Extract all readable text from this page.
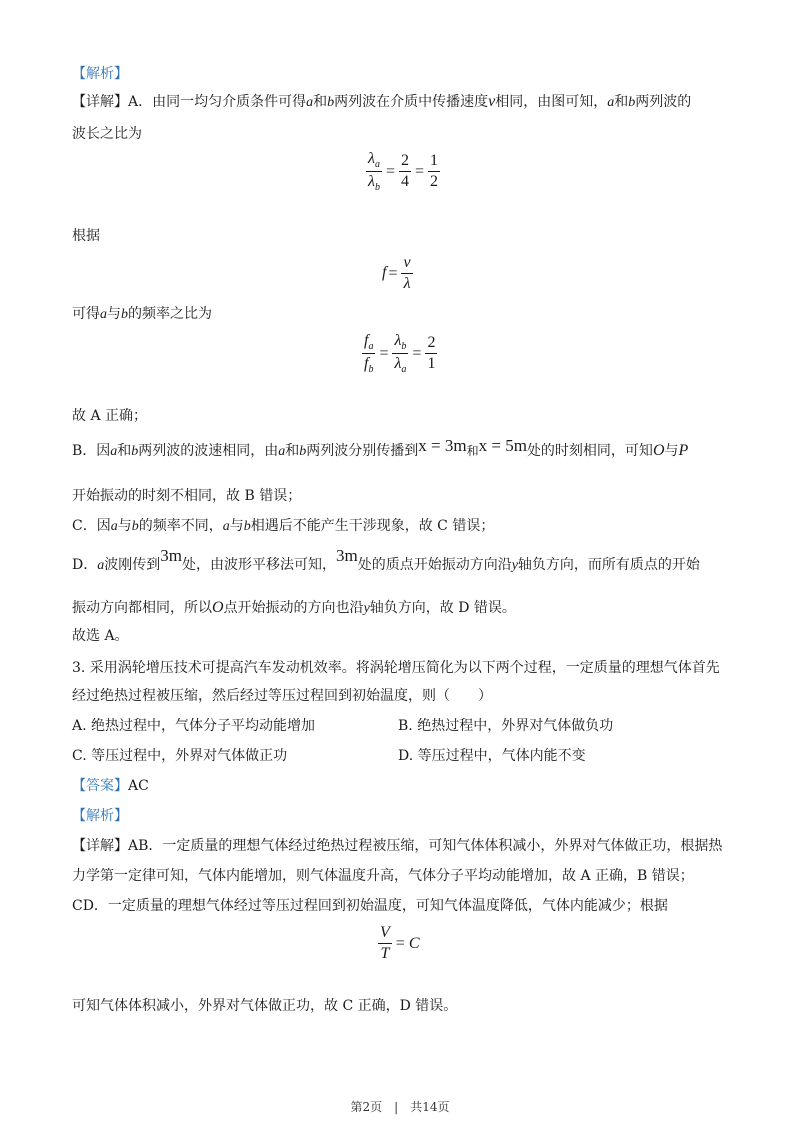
【解析】
【详解】A．由同一均匀介质条件可得a和b两列波在介质中传播速度v相同，由图可知，a和b两列波的
波长之比为
$\frac{\lambda_a}{\lambda_b} = \frac{2}{4} = \frac{1}{2}$
根据
$f = \frac{v}{\lambda}$
可得a与b的频率之比为
$\frac{f_a}{f_b} = \frac{\lambda_b}{\lambda_a} = \frac{2}{1}$
故 A 正确；
B．因a和b两列波的波速相同，由a和b两列波分别传播到x = 3m和x = 5m处的时刻相同，可知O与P
开始振动的时刻不相同，故 B 错误；
C．因a与b的频率不同，a与b相遇后不能产生干涉现象，故 C 错误；
D．a波刚传到3m处，由波形平移法可知，3m处的质点开始振动方向沿y轴负方向，而所有质点的开始
振动方向都相同，所以O点开始振动的方向也沿y轴负方向，故 D 错误。
故选 A。
3. 采用涡轮增压技术可提高汽车发动机效率。将涡轮增压简化为以下两个过程，一定质量的理想气体首先
经过绝热过程被压缩，然后经过等压过程回到初始温度，则（　　）
A. 绝热过程中，气体分子平均动能增加	B. 绝热过程中，外界对气体做负功
C. 等压过程中，外界对气体做正功	D. 等压过程中，气体内能不变
【答案】AC
【解析】
【详解】AB．一定质量的理想气体经过绝热过程被压缩，可知气体体积减小，外界对气体做正功，根据热
力学第一定律可知，气体内能增加，则气体温度升高，气体分子平均动能增加，故 A 正确，B 错误；
CD．一定质量的理想气体经过等压过程回到初始温度，可知气体温度降低，气体内能减少；根据
$\frac{V}{T} = C$
可知气体体积减小，外界对气体做正功，故 C 正确，D 错误。
第2页　|　共14页
